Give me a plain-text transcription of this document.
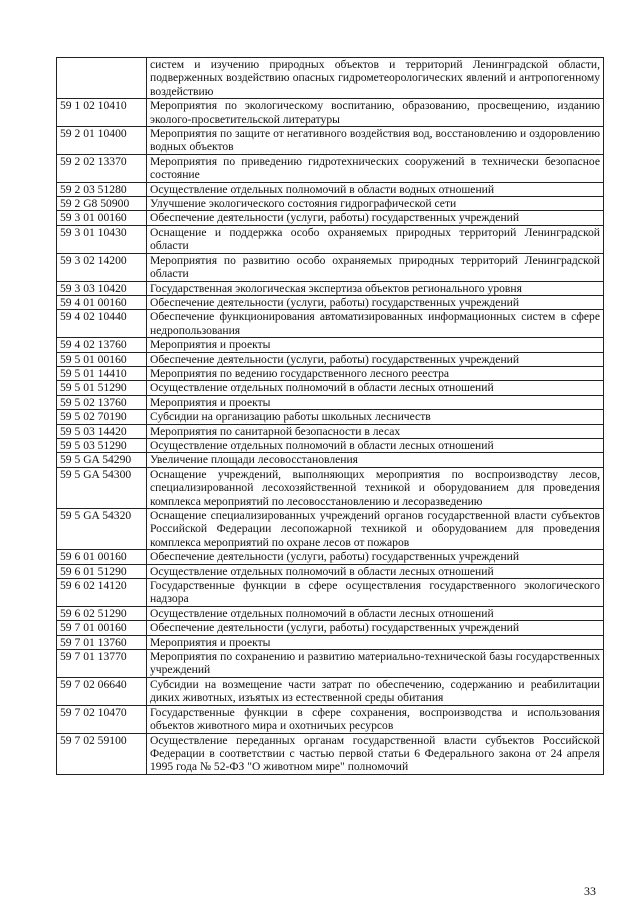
	систем и изучению природных объектов и территорий Ленинградской области, подверженных воздействию опасных гидрометеорологических явлений и антропогенному воздействию
59 1 02 10410	Мероприятия по экологическому воспитанию, образованию, просвещению, изданию эколого-просветительской литературы
59 2 01 10400	Мероприятия по защите от негативного воздействия вод, восстановлению и оздоровлению водных объектов
59 2 02 13370	Мероприятия по приведению гидротехнических сооружений в технически безопасное состояние
59 2 03 51280	Осуществление отдельных полномочий в области водных отношений
59 2 G8 50900	Улучшение экологического состояния гидрографической сети
59 3 01 00160	Обеспечение деятельности (услуги, работы) государственных учреждений
59 3 01 10430	Оснащение и поддержка особо охраняемых природных территорий Ленинградской области
59 3 02 14200	Мероприятия по развитию особо охраняемых природных территорий Ленинградской области
59 3 03 10420	Государственная экологическая экспертиза объектов регионального уровня
59 4 01 00160	Обеспечение деятельности (услуги, работы) государственных учреждений
59 4 02 10440	Обеспечение функционирования автоматизированных информационных систем в сфере недропользования
59 4 02 13760	Мероприятия и проекты
59 5 01 00160	Обеспечение деятельности (услуги, работы) государственных учреждений
59 5 01 14410	Мероприятия по ведению государственного лесного реестра
59 5 01 51290	Осуществление отдельных полномочий в области лесных отношений
59 5 02 13760	Мероприятия и проекты
59 5 02 70190	Субсидии на организацию работы школьных лесничеств
59 5 03 14420	Мероприятия по санитарной безопасности в лесах
59 5 03 51290	Осуществление отдельных полномочий в области лесных отношений
59 5 GA 54290	Увеличение площади лесовосстановления
59 5 GA 54300	Оснащение учреждений, выполняющих мероприятия по воспроизводству лесов, специализированной лесохозяйственной техникой и оборудованием для проведения комплекса мероприятий по лесовосстановлению и лесоразведению
59 5 GA 54320	Оснащение специализированных учреждений органов государственной власти субъектов Российской Федерации лесопожарной техникой и оборудованием для проведения комплекса мероприятий по охране лесов от пожаров
59 6 01 00160	Обеспечение деятельности (услуги, работы) государственных учреждений
59 6 01 51290	Осуществление отдельных полномочий в области лесных отношений
59 6 02 14120	Государственные функции в сфере осуществления государственного экологического надзора
59 6 02 51290	Осуществление отдельных полномочий в области лесных отношений
59 7 01 00160	Обеспечение деятельности (услуги, работы) государственных учреждений
59 7 01 13760	Мероприятия и проекты
59 7 01 13770	Мероприятия по сохранению и развитию материально-технической базы государственных учреждений
59 7 02 06640	Субсидии на возмещение части затрат по обеспечению, содержанию и реабилитации диких животных, изъятых из естественной среды обитания
59 7 02 10470	Государственные функции в сфере сохранения, воспроизводства и использования объектов животного мира и охотничьих ресурсов
59 7 02 59100	Осуществление переданных органам государственной власти субъектов Российской Федерации в соответствии с частью первой статьи 6 Федерального закона от 24 апреля 1995 года № 52-ФЗ "О животном мире" полномочий
33
